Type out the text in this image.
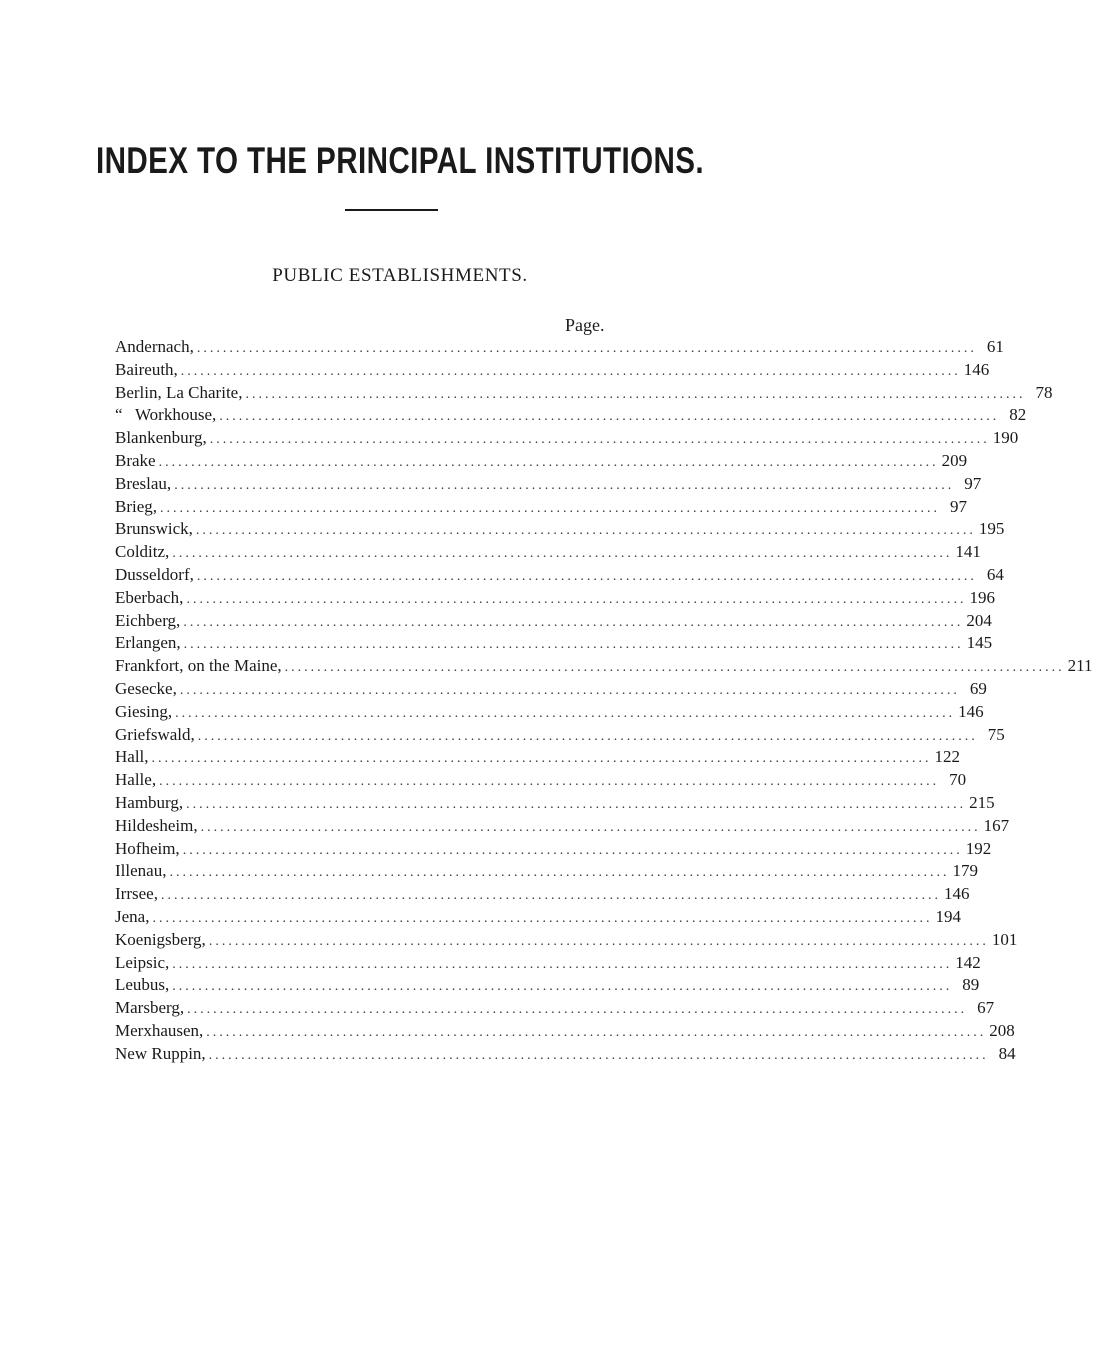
INDEX TO THE PRINCIPAL INSTITUTIONS.
PUBLIC ESTABLISHMENTS.
Page.
Andernach, ........................................................................................................................ 61
Baireuth, ........................................................................................................................ 146
Berlin, La Charite, ........................................................................................................................ 78
“   Workhouse, ........................................................................................................................ 82
Blankenburg, ........................................................................................................................ 190
Brake ........................................................................................................................ 209
Breslau, ........................................................................................................................ 97
Brieg, ........................................................................................................................ 97
Brunswick, ........................................................................................................................ 195
Colditz, ........................................................................................................................ 141
Dusseldorf, ........................................................................................................................ 64
Eberbach, ........................................................................................................................ 196
Eichberg, ........................................................................................................................ 204
Erlangen, ........................................................................................................................ 145
Frankfort, on the Maine, ........................................................................................................................ 211
Gesecke, ........................................................................................................................ 69
Giesing, ........................................................................................................................ 146
Griefswald, ........................................................................................................................ 75
Hall, ........................................................................................................................ 122
Halle, ........................................................................................................................ 70
Hamburg, ........................................................................................................................ 215
Hildesheim, ........................................................................................................................ 167
Hofheim, ........................................................................................................................ 192
Illenau, ........................................................................................................................ 179
Irrsee, ........................................................................................................................ 146
Jena, ........................................................................................................................ 194
Koenigsberg, ........................................................................................................................ 101
Leipsic, ........................................................................................................................ 142
Leubus, ........................................................................................................................ 89
Marsberg, ........................................................................................................................ 67
Merxhausen, ........................................................................................................................ 208
New Ruppin, ........................................................................................................................ 84
